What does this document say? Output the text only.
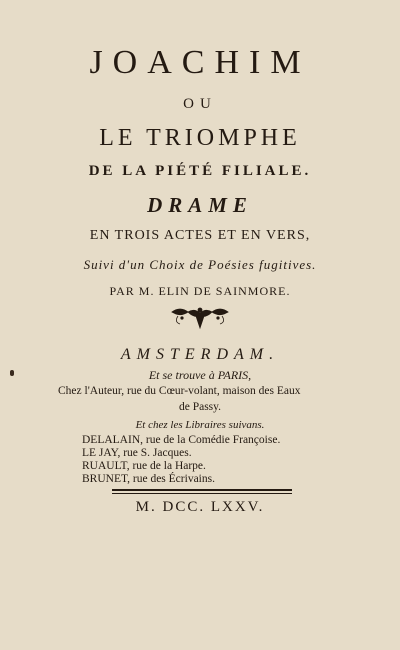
JOACHIM
OU
LE TRIOMPHE
DE LA PIÉTÉ FILIALE.
DRAME
EN TROIS ACTES ET EN VERS,
Suivi d'un Choix de Poésies fugitives.
PAR M. ELIN DE SAINMORE.
AMSTERDAM.
Et se trouve à PARIS,
Chez l'Auteur, rue du Cœur-volant, maison des Eaux
de Passy.
Et chez les Libraires suivans.
DELALAIN, rue de la Comédie Françoise.
LE JAY, rue S. Jacques.
RUAULT, rue de la Harpe.
BRUNET, rue des Écrivains.
M. DCC. LXXV.
